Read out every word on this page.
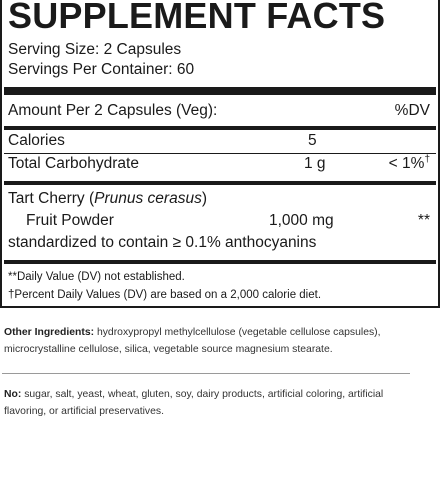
SUPPLEMENT FACTS
Serving Size: 2 Capsules
Servings Per Container: 60
Amount Per 2 Capsules (Veg):	%DV
Calories	5
Total Carbohydrate	1 g	< 1%†
Tart Cherry (Prunus cerasus)
Fruit Powder	1,000 mg	**
standardized to contain ≥ 0.1% anthocyanins
**Daily Value (DV) not established.
†Percent Daily Values (DV) are based on a 2,000 calorie diet.
Other Ingredients: hydroxypropyl methylcellulose (vegetable cellulose capsules), microcrystalline cellulose, silica, vegetable source magnesium stearate.
No: sugar, salt, yeast, wheat, gluten, soy, dairy products, artificial coloring, artificial flavoring, or artificial preservatives.
